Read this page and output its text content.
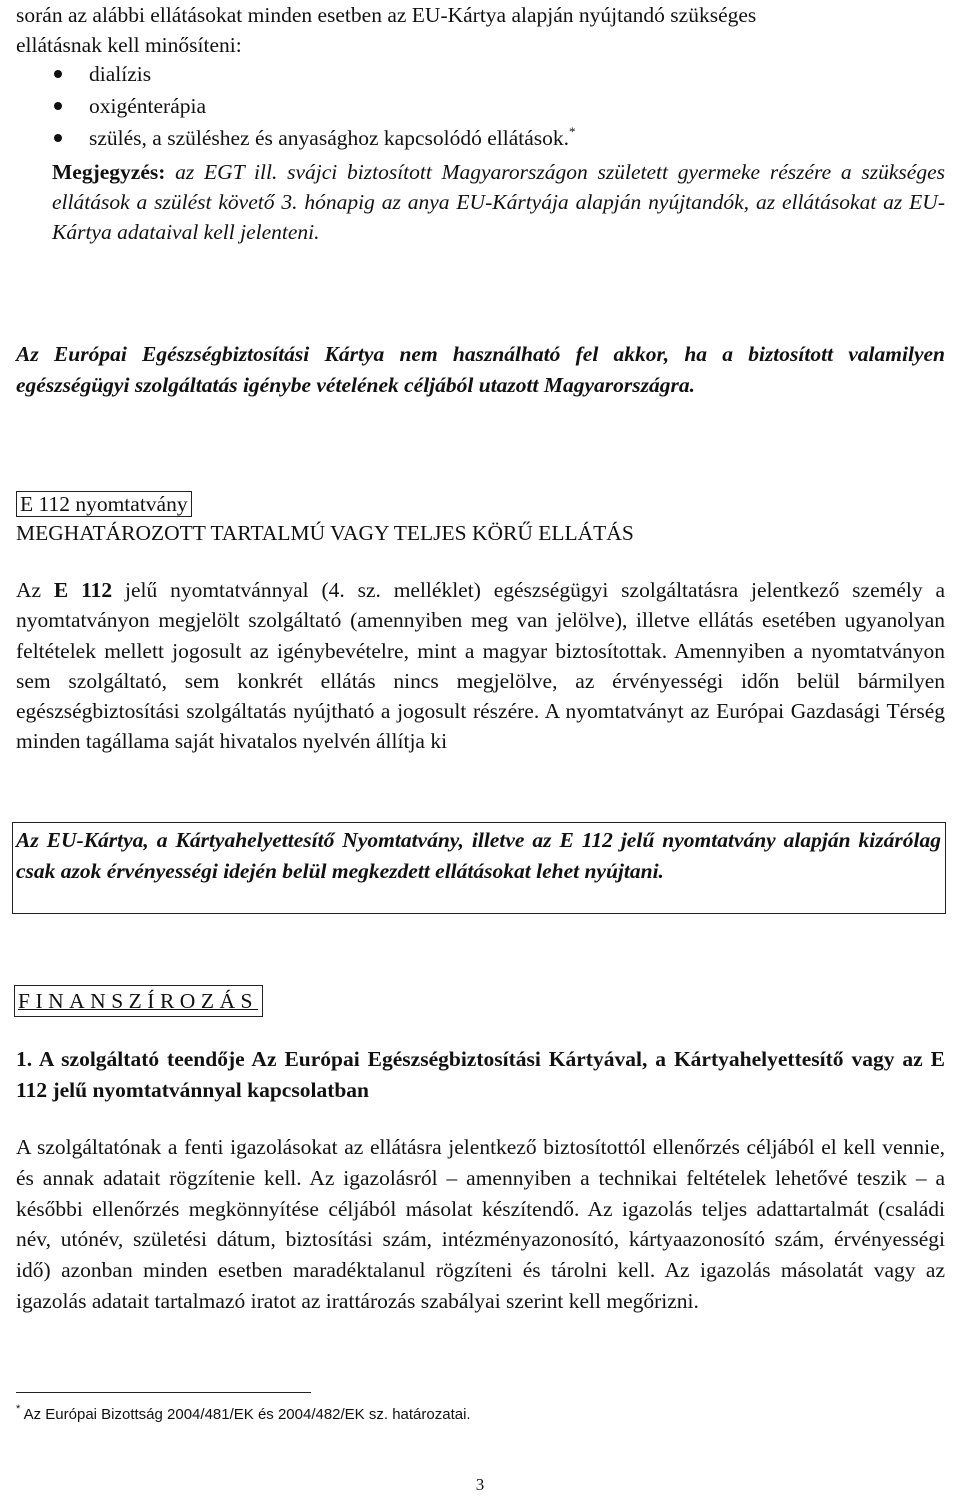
során az alábbi ellátásokat minden esetben az EU-Kártya alapján nyújtandó szükséges

ellátásnak kell minősíteni:

dialízis
oxigénterápia
szülés, a szüléshez és anyasághoz kapcsolódó ellátások.*

Megjegyzés: az EGT ill. svájci biztosított Magyarországon született gyermeke részére a szükséges ellátások a szülést követő 3. hónapig az anya EU-Kártyája alapján nyújtandók, az ellátásokat az EU-Kártya adataival kell jelenteni.

Az Európai Egészségbiztosítási Kártya nem használható fel akkor, ha a biztosított valamilyen egészségügyi szolgáltatás igénybe vételének céljából utazott Magyarországra.

E 112 nyomtatvány

MEGHATÁROZOTT TARTALMÚ VAGY TELJES KÖRŰ ELLÁTÁS

Az E 112 jelű nyomtatvánnyal (4. sz. melléklet) egészségügyi szolgáltatásra jelentkező személy a nyomtatványon megjelölt szolgáltató (amennyiben meg van jelölve), illetve ellátás esetében ugyanolyan feltételek mellett jogosult az igénybevételre, mint a magyar biztosítottak. Amennyiben a nyomtatványon sem szolgáltató, sem konkrét ellátás nincs megjelölve, az érvényességi időn belül bármilyen egészségbiztosítási szolgáltatás nyújtható a jogosult részére. A nyomtatványt az Európai Gazdasági Térség minden tagállama saját hivatalos nyelvén állítja ki

Az EU-Kártya, a Kártyahelyettesítő Nyomtatvány, illetve az E 112 jelű nyomtatvány alapján kizárólag csak azok érvényességi idején belül megkezdett ellátásokat lehet nyújtani.

FINANSZÍROZÁS

1. A szolgáltató teendője Az Európai Egészségbiztosítási Kártyával, a Kártyahelyettesítő vagy az E 112 jelű nyomtatvánnyal kapcsolatban

A szolgáltatónak a fenti igazolásokat az ellátásra jelentkező biztosítottól ellenőrzés céljából el kell vennie, és annak adatait rögzítenie kell. Az igazolásról – amennyiben a technikai feltételek lehetővé teszik – a későbbi ellenőrzés megkönnyítése céljából másolat készítendő. Az igazolás teljes adattartalmát (családi név, utónév, születési dátum, biztosítási szám, intézményazonosító, kártyaazonosító szám, érvényességi idő) azonban minden esetben maradéktalanul rögzíteni és tárolni kell. Az igazolás másolatát vagy az igazolás adatait tartalmazó iratot az irattározás szabályai szerint kell megőrizni.

* Az Európai Bizottság 2004/481/EK és 2004/482/EK sz. határozatai.
3
